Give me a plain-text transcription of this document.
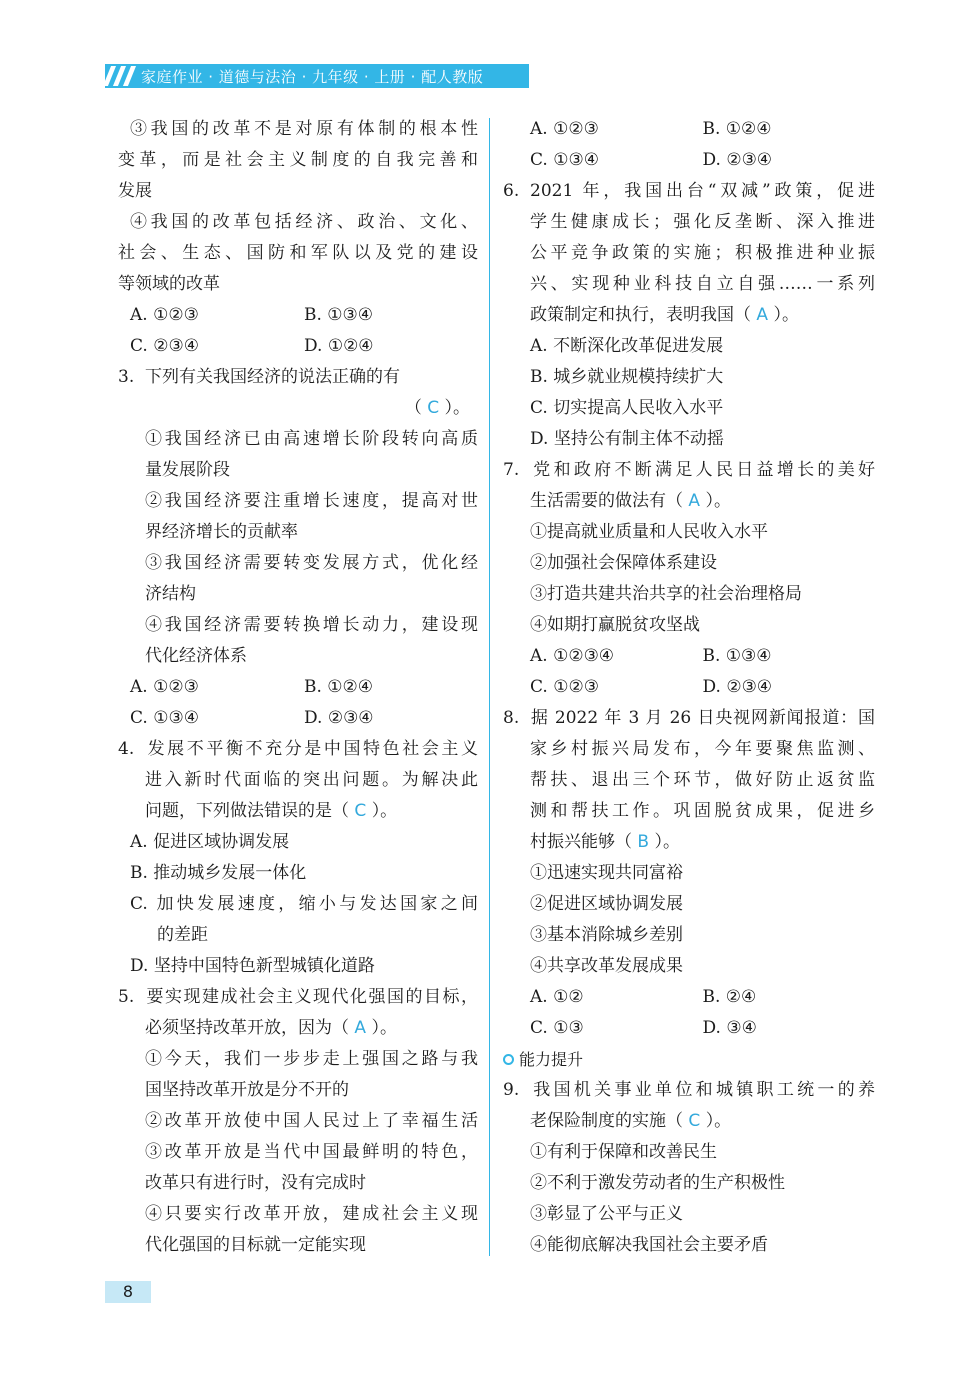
家庭作业 · 道德与法治 · 九年级 · 上册 · 配人教版
③我国的改革不是对原有体制的根本性
变革，而是社会主义制度的自我完善和
发展
④我国的改革包括经济、政治、文化、
社会、生态、国防和军队以及党的建设
等领域的改革
A. ①②③	B. ①③④
C. ②③④	D. ①②④
3. 下列有关我国经济的说法正确的有
（ C ）。
①我国经济已由高速增长阶段转向高质
量发展阶段
②我国经济要注重增长速度，提高对世
界经济增长的贡献率
③我国经济需要转变发展方式，优化经
济结构
④我国经济需要转换增长动力，建设现
代化经济体系
A. ①②③	B. ①②④
C. ①③④	D. ②③④
4. 发展不平衡不充分是中国特色社会主义
进入新时代面临的突出问题。为解决此
问题，下列做法错误的是（ C ）。
A. 促进区域协调发展
B. 推动城乡发展一体化
C. 加快发展速度，缩小与发达国家之间
的差距
D. 坚持中国特色新型城镇化道路
5. 要实现建成社会主义现代化强国的目标，
必须坚持改革开放，因为（ A ）。
①今天，我们一步步走上强国之路与我
国坚持改革开放是分不开的
②改革开放使中国人民过上了幸福生活
③改革开放是当代中国最鲜明的特色，
改革只有进行时，没有完成时
④只要实行改革开放，建成社会主义现
代化强国的目标就一定能实现
A. ①②③	B. ①②④
C. ①③④	D. ②③④
6. 2021 年，我国出台“双减”政策，促进
学生健康成长；强化反垄断、深入推进
公平竞争政策的实施；积极推进种业振
兴、实现种业科技自立自强……一系列
政策制定和执行，表明我国（ A ）。
A. 不断深化改革促进发展
B. 城乡就业规模持续扩大
C. 切实提高人民收入水平
D. 坚持公有制主体不动摇
7. 党和政府不断满足人民日益增长的美好
生活需要的做法有（ A ）。
①提高就业质量和人民收入水平
②加强社会保障体系建设
③打造共建共治共享的社会治理格局
④如期打赢脱贫攻坚战
A. ①②③④	B. ①③④
C. ①②③	D. ②③④
8. 据 2022 年 3 月 26 日央视网新闻报道：国
家乡村振兴局发布，今年要聚焦监测、
帮扶、退出三个环节，做好防止返贫监
测和帮扶工作。巩固脱贫成果，促进乡
村振兴能够（ B ）。
①迅速实现共同富裕
②促进区域协调发展
③基本消除城乡差别
④共享改革发展成果
A. ①②	B. ②④
C. ①③	D. ③④
能力提升
9. 我国机关事业单位和城镇职工统一的养
老保险制度的实施（ C ）。
①有利于保障和改善民生
②不利于激发劳动者的生产积极性
③彰显了公平与正义
④能彻底解决我国社会主要矛盾
8
